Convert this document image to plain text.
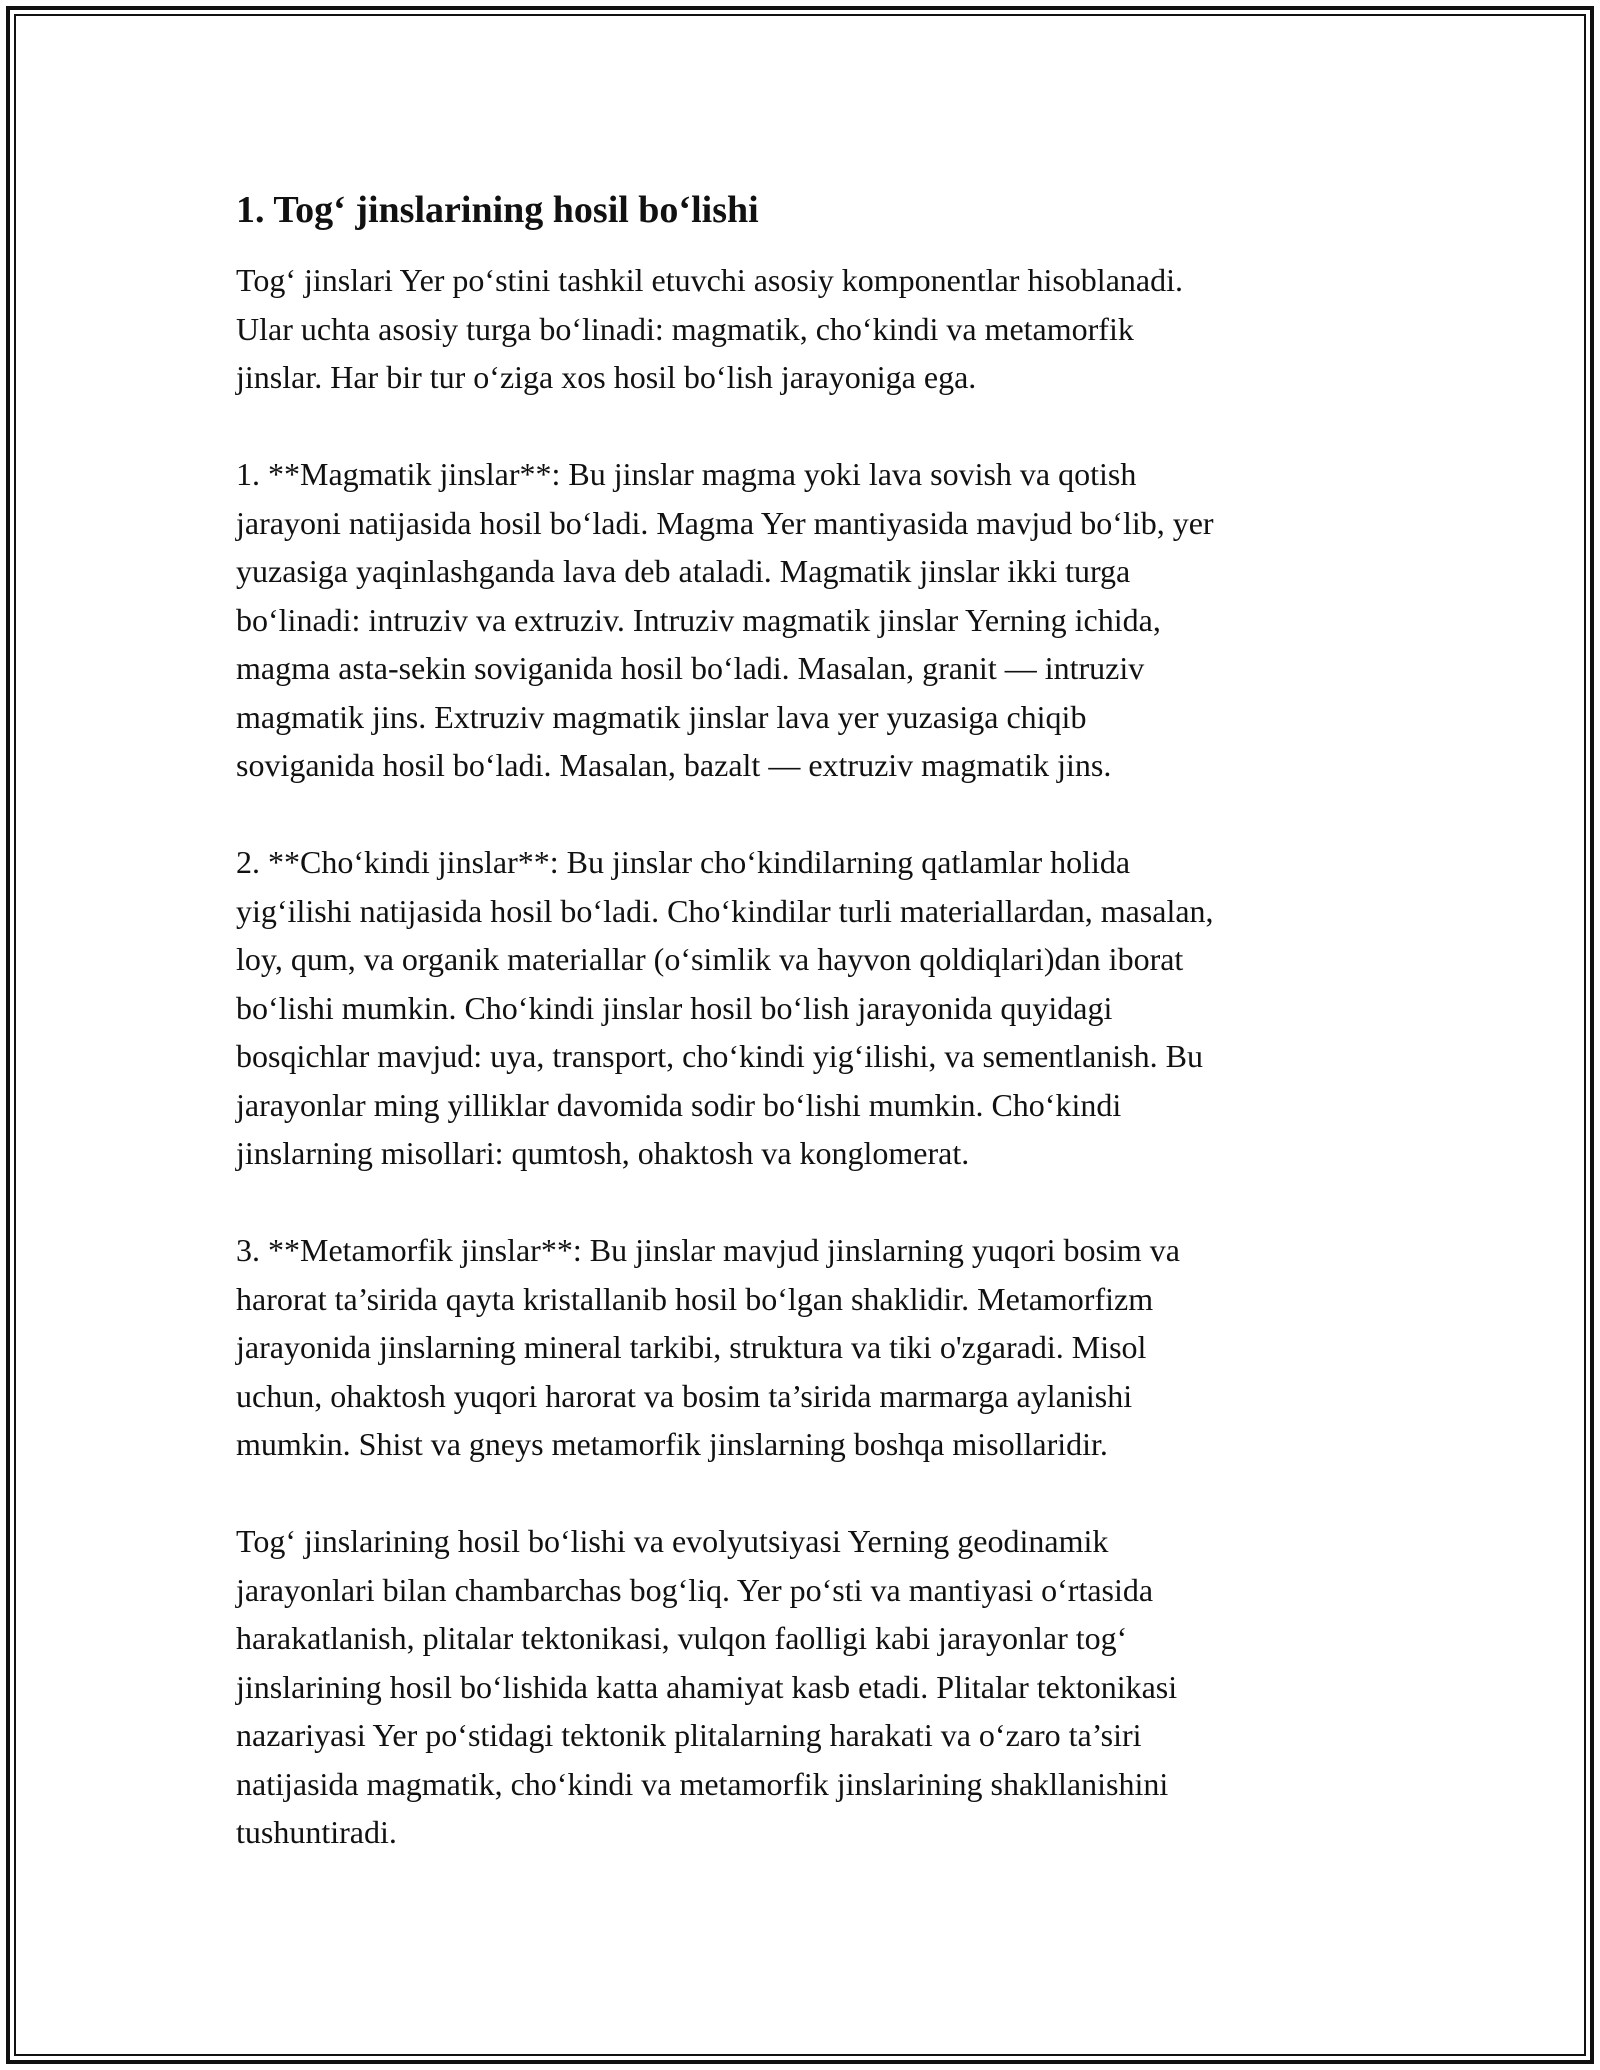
1. Tog‘ jinslarining hosil bo‘lishi

Tog‘ jinslari Yer po‘stini tashkil etuvchi asosiy komponentlar hisoblanadi.
Ular uchta asosiy turga bo‘linadi: magmatik, cho‘kindi va metamorfik
jinslar. Har bir tur o‘ziga xos hosil bo‘lish jarayoniga ega.

1. **Magmatik jinslar**: Bu jinslar magma yoki lava sovish va qotish
jarayoni natijasida hosil bo‘ladi. Magma Yer mantiyasida mavjud bo‘lib, yer
yuzasiga yaqinlashganda lava deb ataladi. Magmatik jinslar ikki turga
bo‘linadi: intruziv va extruziv. Intruziv magmatik jinslar Yerning ichida,
magma asta-sekin soviganida hosil bo‘ladi. Masalan, granit — intruziv
magmatik jins. Extruziv magmatik jinslar lava yer yuzasiga chiqib
soviganida hosil bo‘ladi. Masalan, bazalt — extruziv magmatik jins.

2. **Cho‘kindi jinslar**: Bu jinslar cho‘kindilarning qatlamlar holida
yig‘ilishi natijasida hosil bo‘ladi. Cho‘kindilar turli materiallardan, masalan,
loy, qum, va organik materiallar (o‘simlik va hayvon qoldiqlari)dan iborat
bo‘lishi mumkin. Cho‘kindi jinslar hosil bo‘lish jarayonida quyidagi
bosqichlar mavjud: uya, transport, cho‘kindi yig‘ilishi, va sementlanish. Bu
jarayonlar ming yilliklar davomida sodir bo‘lishi mumkin. Cho‘kindi
jinslarning misollari: qumtosh, ohaktosh va konglomerat.

3. **Metamorfik jinslar**: Bu jinslar mavjud jinslarning yuqori bosim va
harorat ta’sirida qayta kristallanib hosil bo‘lgan shaklidir. Metamorfizm
jarayonida jinslarning mineral tarkibi, struktura va tiki o'zgaradi. Misol
uchun, ohaktosh yuqori harorat va bosim ta’sirida marmarga aylanishi
mumkin. Shist va gneys metamorfik jinslarning boshqa misollaridir.

Tog‘ jinslarining hosil bo‘lishi va evolyutsiyasi Yerning geodinamik
jarayonlari bilan chambarchas bog‘liq. Yer po‘sti va mantiyasi o‘rtasida
harakatlanish, plitalar tektonikasi, vulqon faolligi kabi jarayonlar tog‘
jinslarining hosil bo‘lishida katta ahamiyat kasb etadi. Plitalar tektonikasi
nazariyasi Yer po‘stidagi tektonik plitalarning harakati va o‘zaro ta’siri
natijasida magmatik, cho‘kindi va metamorfik jinslarining shakllanishini
tushuntiradi.
